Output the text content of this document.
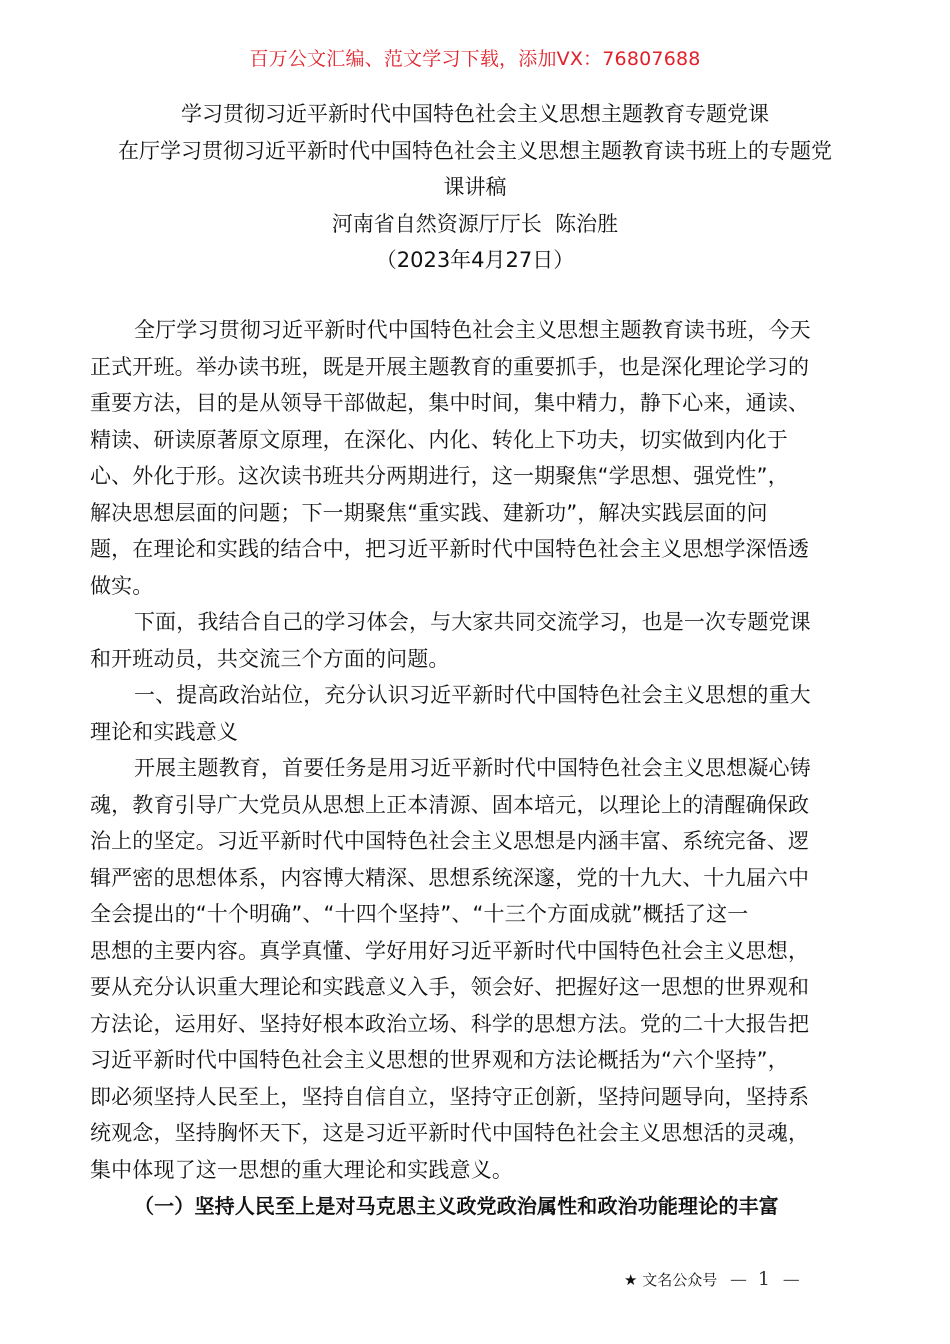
百万公文汇编、范文学习下载，添加VX：76807688
学习贯彻习近平新时代中国特色社会主义思想主题教育专题党课
在厅学习贯彻习近平新时代中国特色社会主义思想主题教育读书班上的专题党
课讲稿
河南省自然资源厅厅长  陈治胜
（2023年4月27日）
全厅学习贯彻习近平新时代中国特色社会主义思想主题教育读书班，今天
正式开班。举办读书班，既是开展主题教育的重要抓手，也是深化理论学习的
重要方法，目的是从领导干部做起，集中时间，集中精力，静下心来，通读、
精读、研读原著原文原理，在深化、内化、转化上下功夫，切实做到内化于
心、外化于形。这次读书班共分两期进行，这一期聚焦“学思想、强党性”，
解决思想层面的问题；下一期聚焦“重实践、建新功”，解决实践层面的问
题，在理论和实践的结合中，把习近平新时代中国特色社会主义思想学深悟透
做实。
下面，我结合自己的学习体会，与大家共同交流学习，也是一次专题党课
和开班动员，共交流三个方面的问题。
一、提高政治站位，充分认识习近平新时代中国特色社会主义思想的重大
理论和实践意义
开展主题教育，首要任务是用习近平新时代中国特色社会主义思想凝心铸
魂，教育引导广大党员从思想上正本清源、固本培元，以理论上的清醒确保政
治上的坚定。习近平新时代中国特色社会主义思想是内涵丰富、系统完备、逻
辑严密的思想体系，内容博大精深、思想系统深邃，党的十九大、十九届六中
全会提出的“十个明确”、“十四个坚持”、“十三个方面成就”概括了这一
思想的主要内容。真学真懂、学好用好习近平新时代中国特色社会主义思想，
要从充分认识重大理论和实践意义入手，领会好、把握好这一思想的世界观和
方法论，运用好、坚持好根本政治立场、科学的思想方法。党的二十大报告把
习近平新时代中国特色社会主义思想的世界观和方法论概括为“六个坚持”，
即必须坚持人民至上，坚持自信自立，坚持守正创新，坚持问题导向，坚持系
统观念，坚持胸怀天下，这是习近平新时代中国特色社会主义思想活的灵魂，
集中体现了这一思想的重大理论和实践意义。
（一）坚持人民至上是对马克思主义政党政治属性和政治功能理论的丰富
★ 文名公众号 — 1 —
